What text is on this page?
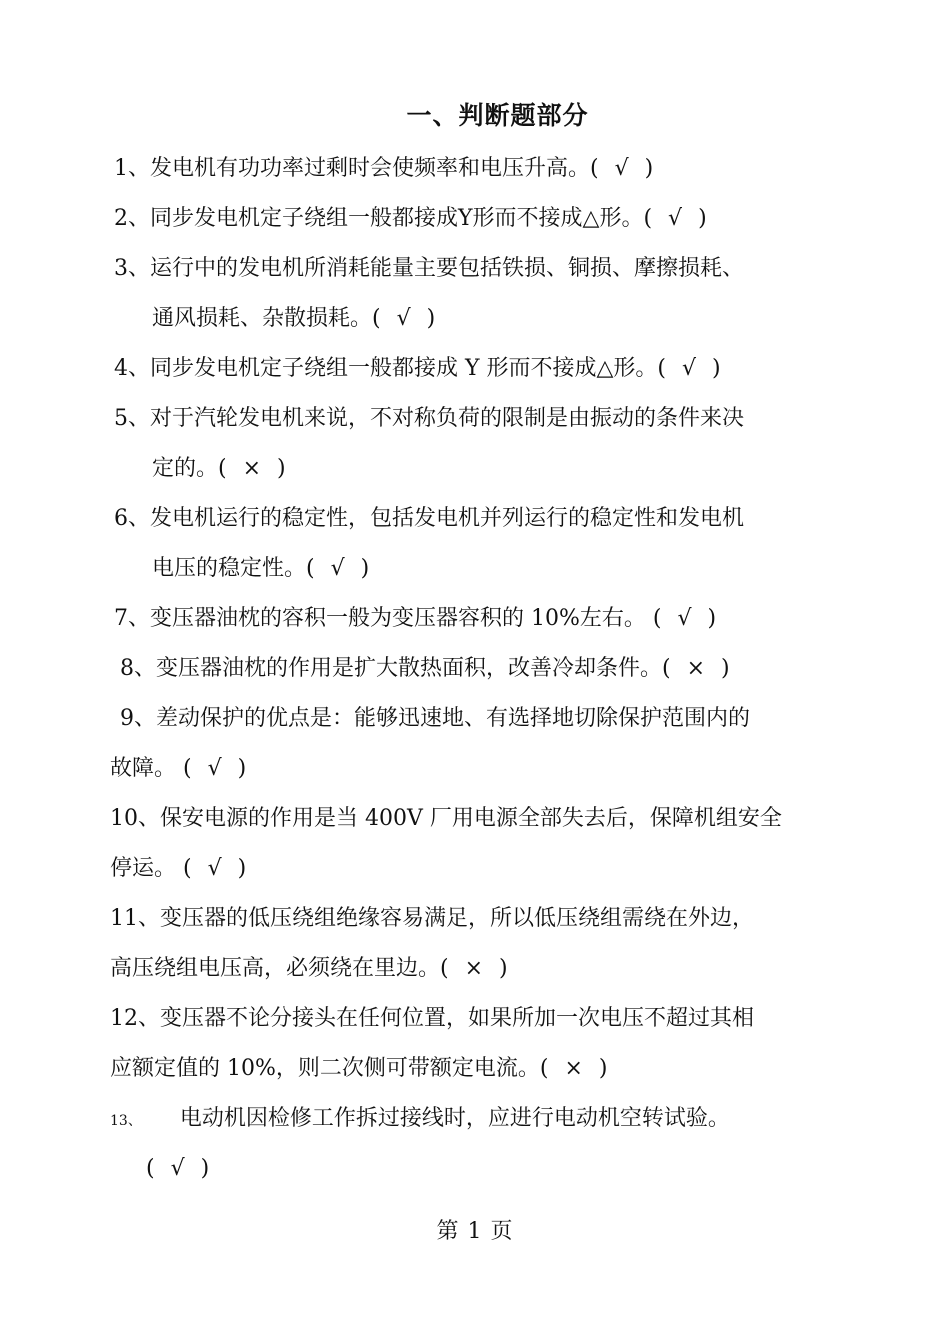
一、判断题部分
1、发电机有功功率过剩时会使频率和电压升高。( √ )
2、同步发电机定子绕组一般都接成Y形而不接成△形。( √ )
3、运行中的发电机所消耗能量主要包括铁损、铜损、摩擦损耗、
通风损耗、杂散损耗。( √ )
4、同步发电机定子绕组一般都接成 Y 形而不接成△形。( √ )
5、对于汽轮发电机来说，不对称负荷的限制是由振动的条件来决
定的。( × )
6、发电机运行的稳定性，包括发电机并列运行的稳定性和发电机
电压的稳定性。( √ )
7、变压器油枕的容积一般为变压器容积的 10%左右。 ( √ )
8、变压器油枕的作用是扩大散热面积，改善冷却条件。( × )
9、差动保护的优点是：能够迅速地、有选择地切除保护范围内的
故障。 ( √ )
10、保安电源的作用是当 400V 厂用电源全部失去后，保障机组安全
停运。 ( √ )
11、变压器的低压绕组绝缘容易满足，所以低压绕组需绕在外边，
高压绕组电压高，必须绕在里边。( × )
12、变压器不论分接头在任何位置，如果所加一次电压不超过其相
应额定值的 10%，则二次侧可带额定电流。( × )
13、 电动机因检修工作拆过接线时，应进行电动机空转试验。
( √ )
第 1 页
